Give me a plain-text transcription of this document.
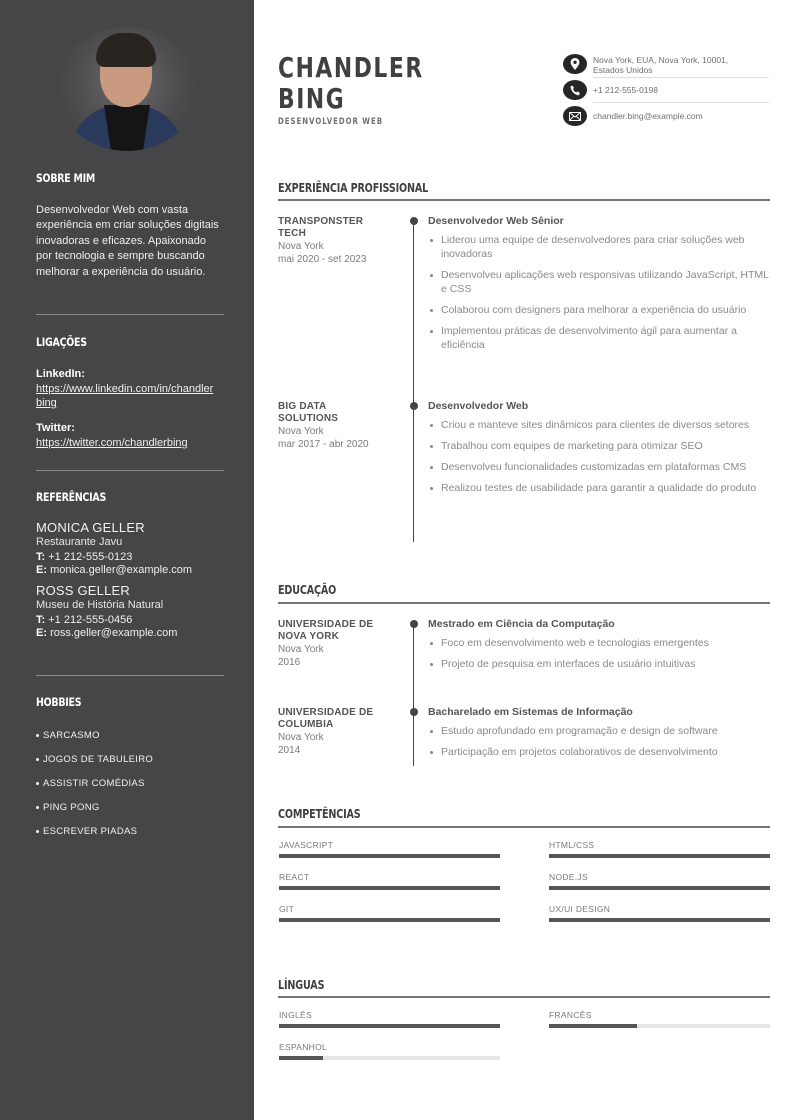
SOBRE MIM
Desenvolvedor Web com vasta experiência em criar soluções digitais inovadoras e eficazes. Apaixonado por tecnologia e sempre buscando melhorar a experiência do usuário.
LIGAÇÕES
LinkedIn:
https://www.linkedin.com/in/chandlerbing
Twitter:
https://twitter.com/chandlerbing
REFERÊNCIAS
MONICA GELLER
Restaurante Javu
T: +1 212-555-0123
E: monica.geller@example.com
ROSS GELLER
Museu de História Natural
T: +1 212-555-0456
E: ross.geller@example.com
HOBBIES
SARCASMO
JOGOS DE TABULEIRO
ASSISTIR COMÉDIAS
PING PONG
ESCREVER PIADAS
CHANDLER
BING
DESENVOLVEDOR WEB
Nova York, EUA, Nova York, 10001,
Estados Unidos
+1 212-555-0198
chandler.bing@example.com
EXPERIÊNCIA PROFISSIONAL
TRANSPONSTER
TECH
Nova York
mai 2020 - set 2023
Desenvolvedor Web Sênior
Liderou uma equipe de desenvolvedores para criar soluções web inovadoras
Desenvolveu aplicações web responsivas utilizando JavaScript, HTML e CSS
Colaborou com designers para melhorar a experiência do usuário
Implementou práticas de desenvolvimento ágil para aumentar a eficiência
BIG DATA
SOLUTIONS
Nova York
mar 2017 - abr 2020
Desenvolvedor Web
Criou e manteve sites dinâmicos para clientes de diversos setores
Trabalhou com equipes de marketing para otimizar SEO
Desenvolveu funcionalidades customizadas em plataformas CMS
Realizou testes de usabilidade para garantir a qualidade do produto
EDUCAÇÃO
UNIVERSIDADE DE
NOVA YORK
Nova York
2016
Mestrado em Ciência da Computação
Foco em desenvolvimento web e tecnologias emergentes
Projeto de pesquisa em interfaces de usuário intuitivas
UNIVERSIDADE DE
COLUMBIA
Nova York
2014
Bacharelado em Sistemas de Informação
Estudo aprofundado em programação e design de software
Participação em projetos colaborativos de desenvolvimento
COMPETÊNCIAS
JAVASCRIPT	HTML/CSS
REACT	NODE.JS
GIT	UX/UI DESIGN
LÍNGUAS
INGLÊS	FRANCÊS
ESPANHOL
